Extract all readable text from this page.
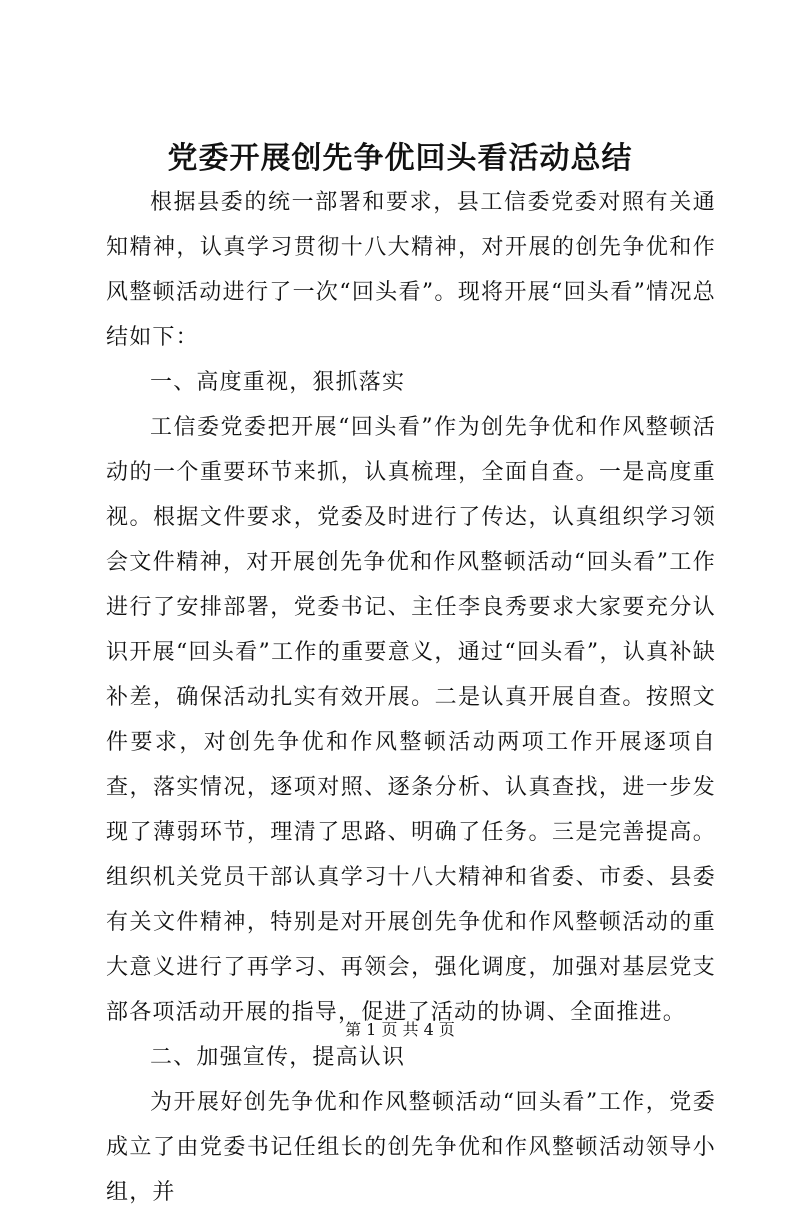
党委开展创先争优回头看活动总结

根据县委的统一部署和要求，县工信委党委对照有关通知精神，认真学习贯彻十八大精神，对开展的创先争优和作风整顿活动进行了一次“回头看”。现将开展“回头看”情况总结如下：

一、高度重视，狠抓落实

工信委党委把开展“回头看”作为创先争优和作风整顿活动的一个重要环节来抓，认真梳理，全面自查。一是高度重视。根据文件要求，党委及时进行了传达，认真组织学习领会文件精神，对开展创先争优和作风整顿活动“回头看”工作进行了安排部署，党委书记、主任李良秀要求大家要充分认识开展“回头看”工作的重要意义，通过“回头看”，认真补缺补差，确保活动扎实有效开展。二是认真开展自查。按照文件要求，对创先争优和作风整顿活动两项工作开展逐项自查，落实情况，逐项对照、逐条分析、认真查找，进一步发现了薄弱环节，理清了思路、明确了任务。三是完善提高。组织机关党员干部认真学习十八大精神和省委、市委、县委有关文件精神，特别是对开展创先争优和作风整顿活动的重大意义进行了再学习、再领会，强化调度，加强对基层党支部各项活动开展的指导，促进了活动的协调、全面推进。

二、加强宣传，提高认识

为开展好创先争优和作风整顿活动“回头看”工作，党委成立了由党委书记任组长的创先争优和作风整顿活动领导小组，并

第 1 页 共 4 页
